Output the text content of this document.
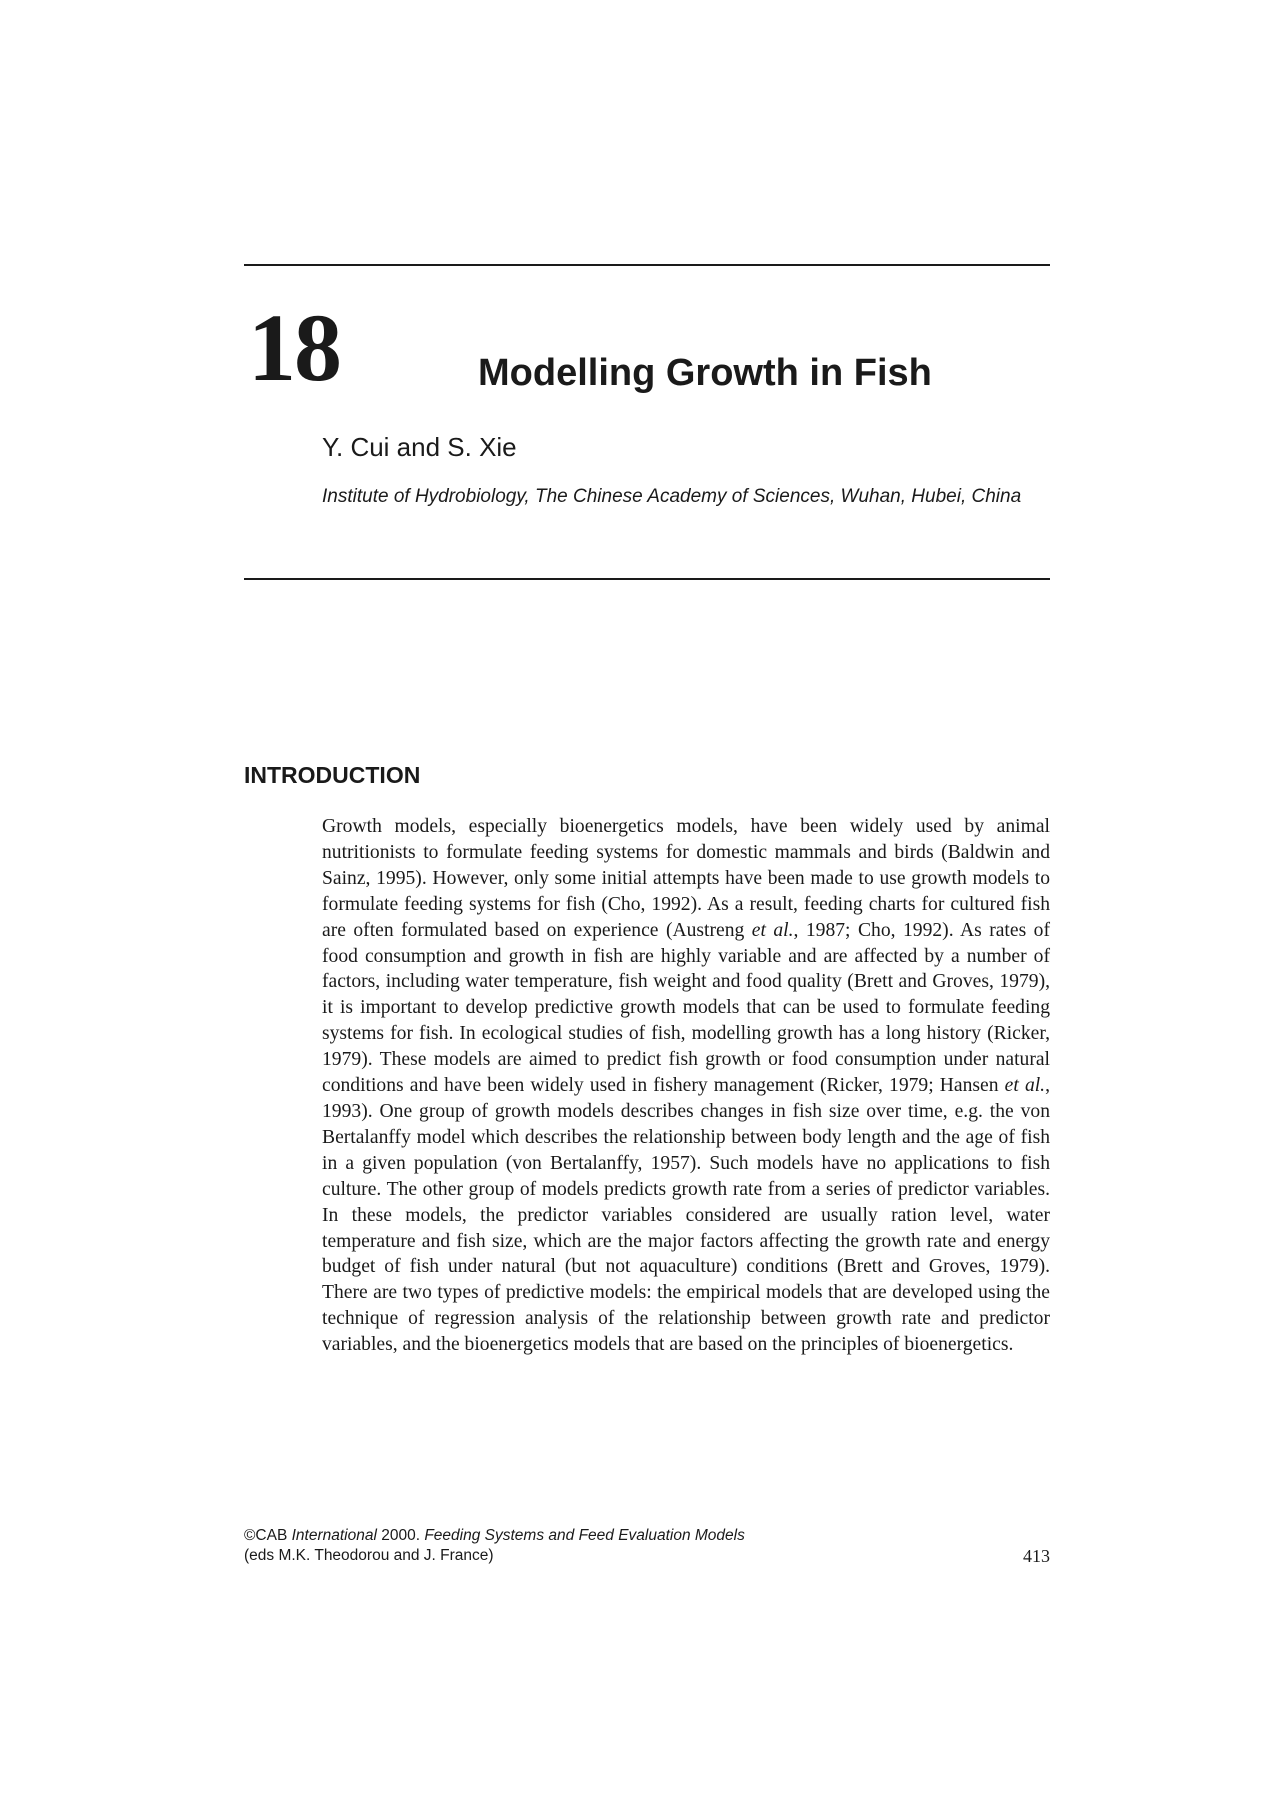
18	Modelling Growth in Fish
Y. Cui and S. Xie
Institute of Hydrobiology, The Chinese Academy of Sciences, Wuhan, Hubei, China
INTRODUCTION
Growth models, especially bioenergetics models, have been widely used by animal nutritionists to formulate feeding systems for domestic mammals and birds (Baldwin and Sainz, 1995). However, only some initial attempts have been made to use growth models to formulate feeding systems for fish (Cho, 1992). As a result, feeding charts for cultured fish are often formulated based on experience (Austreng et al., 1987; Cho, 1992). As rates of food consumption and growth in fish are highly variable and are affected by a number of factors, including water temperature, fish weight and food quality (Brett and Groves, 1979), it is important to develop predictive growth models that can be used to formulate feeding systems for fish. In ecological studies of fish, modelling growth has a long history (Ricker, 1979). These models are aimed to predict fish growth or food consumption under natural conditions and have been widely used in fishery management (Ricker, 1979; Hansen et al., 1993). One group of growth models describes changes in fish size over time, e.g. the von Bertalanffy model which describes the relationship between body length and the age of fish in a given population (von Bertalanffy, 1957). Such models have no applications to fish culture. The other group of models predicts growth rate from a series of predictor variables. In these models, the predictor variables considered are usually ration level, water temperature and fish size, which are the major factors affecting the growth rate and energy budget of fish under natural (but not aquaculture) conditions (Brett and Groves, 1979). There are two types of predictive models: the empirical models that are developed using the technique of regression analysis of the relationship between growth rate and predictor variables, and the bioenergetics models that are based on the principles of bioenergetics.
©CAB International 2000. Feeding Systems and Feed Evaluation Models
(eds M.K. Theodorou and J. France)	413
